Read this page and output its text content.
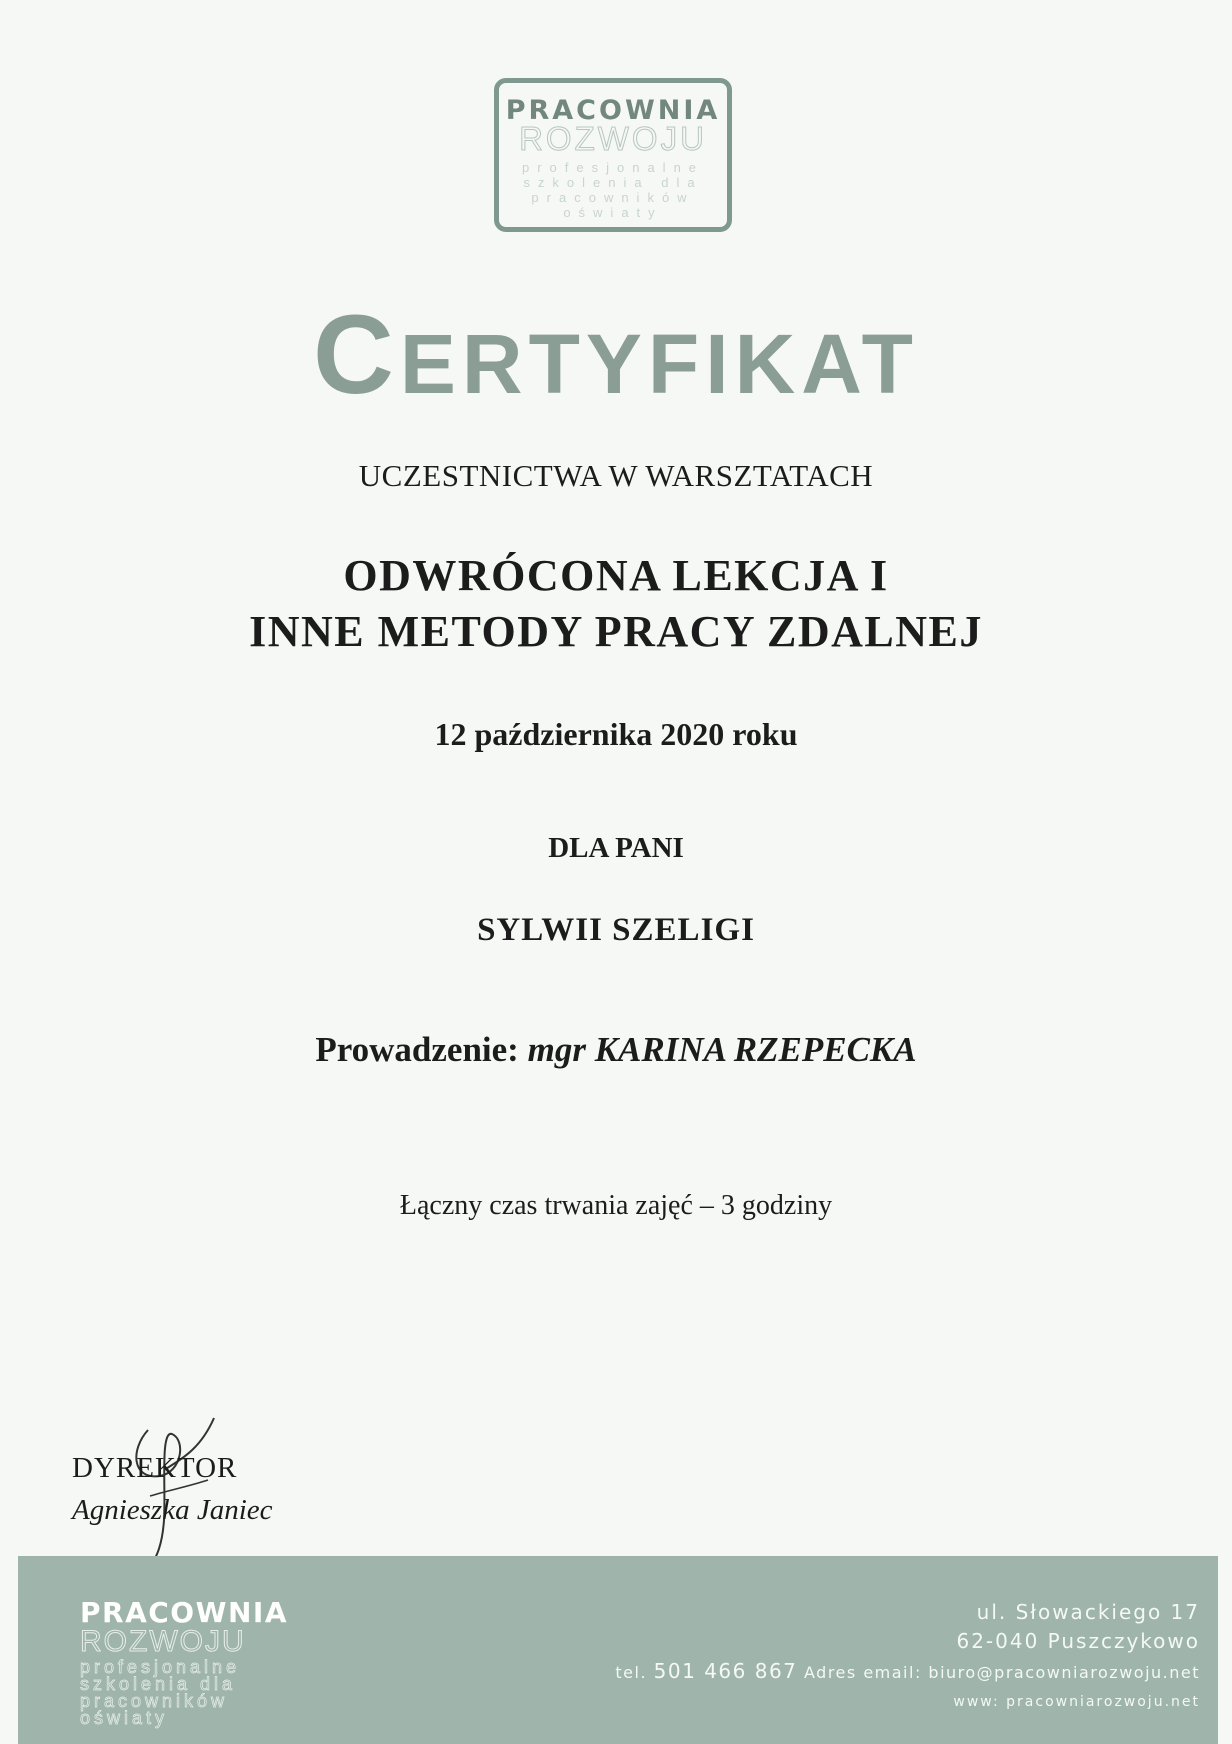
PRACOWNIA
ROZWOJU
profesjonalne szkolenia dla pracowników oświaty
CERTYFIKAT
UCZESTNICTWA W WARSZTATACH
ODWRÓCONA LEKCJA I
INNE METODY PRACY ZDALNEJ
12 października 2020 roku
DLA PANI
SYLWII SZELIGI
Prowadzenie: mgr KARINA RZEPECKA
Łączny czas trwania zajęć – 3 godziny
DYREKTOR
Agnieszka Janiec
PRACOWNIA
ROZWOJU
profesjonalne
szkolenia dla
pracowników
oświaty
ul. Słowackiego 17
62-040 Puszczykowo
tel. 501 466 867 Adres email: biuro@pracowniarozwoju.net
www: pracowniarozwoju.net
